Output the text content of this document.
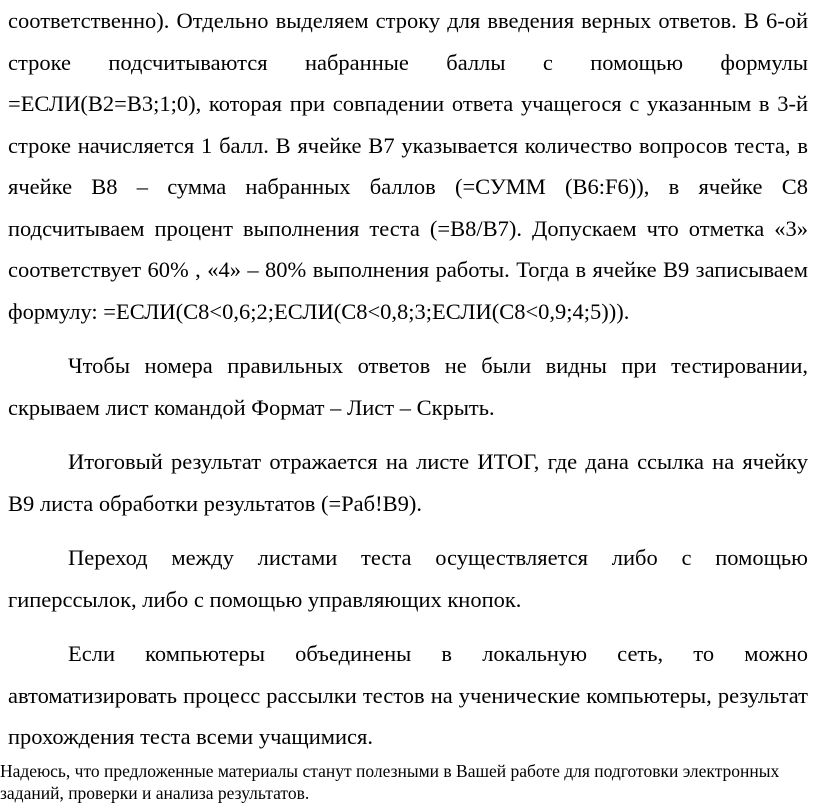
соответственно). Отдельно выделяем строку для введения верных ответов. В 6-ой строке подсчитываются набранные баллы с помощью формулы =ЕСЛИ(В2=В3;1;0), которая при совпадении ответа учащегося с указанным в 3-й строке начисляется 1 балл. В ячейке В7 указывается количество вопросов теста, в ячейке В8 – сумма набранных баллов (=СУММ (В6:F6)), в ячейке С8 подсчитываем процент выполнения теста (=В8/В7). Допускаем что отметка «3» соответствует 60% , «4» – 80% выполнения работы. Тогда в ячейке В9 записываем формулу: =ЕСЛИ(С8<0,6;2;ЕСЛИ(С8<0,8;3;ЕСЛИ(С8<0,9;4;5))).

Чтобы номера правильных ответов не были видны при тестировании, скрываем лист командой Формат – Лист – Скрыть.

Итоговый результат отражается на листе ИТОГ, где дана ссылка на ячейку В9 листа обработки результатов (=Раб!В9).

Переход между листами теста осуществляется либо с помощью гиперссылок, либо с помощью управляющих кнопок.

Если компьютеры объединены в локальную сеть, то можно автоматизировать процесс рассылки тестов на ученические компьютеры, результат прохождения теста всеми учащимися.

Надеюсь, что предложенные материалы станут полезными в Вашей работе для подготовки электронных заданий, проверки и анализа результатов.
